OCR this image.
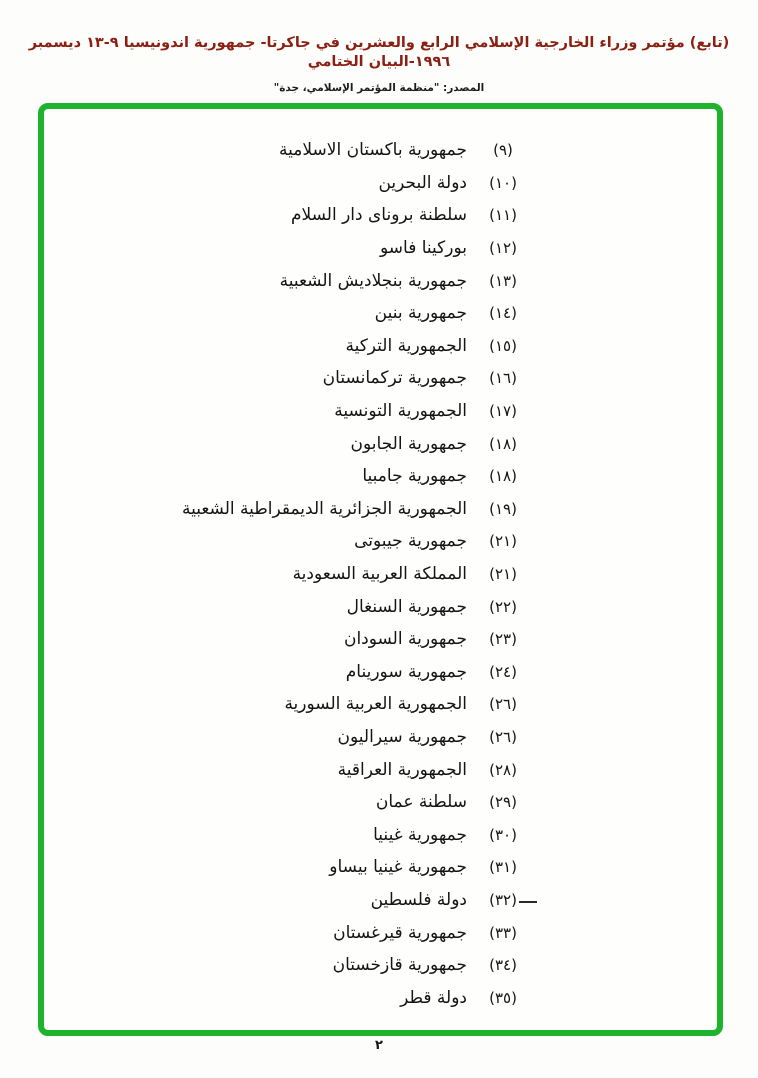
(تابع) مؤتمر وزراء الخارجية الإسلامي الرابع والعشرين في جاكرتا- جمهورية اندونيسيا ٩-١٣ ديسمبر ١٩٩٦-البيان الختامي
المصدر: "منظمة المؤتمر الإسلامي، جدة"
(٩)
جمهورية باكستان الاسلامية
(١٠)
دولة البحرين
(١١)
سلطنة بروناى دار السلام
(١٢)
بوركينا فاسو
(١٣)
جمهورية بنجلاديش الشعبية
(١٤)
جمهورية بنين
(١٥)
الجمهورية التركية
(١٦)
جمهورية تركمانستان
(١٧)
الجمهورية التونسية
(١٨)
جمهورية الجابون
(١٨)
جمهورية جامبيا
(١٩)
الجمهورية الجزائرية الديمقراطية الشعبية
(٢١)
جمهورية جيبوتى
(٢١)
المملكة العربية السعودية
(٢٢)
جمهورية السنغال
(٢٣)
جمهورية السودان
(٢٤)
جمهورية سورينام
(٢٦)
الجمهورية العربية السورية
(٢٦)
جمهورية سيراليون
(٢٨)
الجمهورية العراقية
(٢٩)
سلطنة عمان
(٣٠)
جمهورية غينيا
(٣١)
جمهورية غينيا بيساو
(٣٢)
دولة فلسطين
(٣٣)
جمهورية قيرغستان
(٣٤)
جمهورية قازخستان
(٣٥)
دولة قطر
٢
